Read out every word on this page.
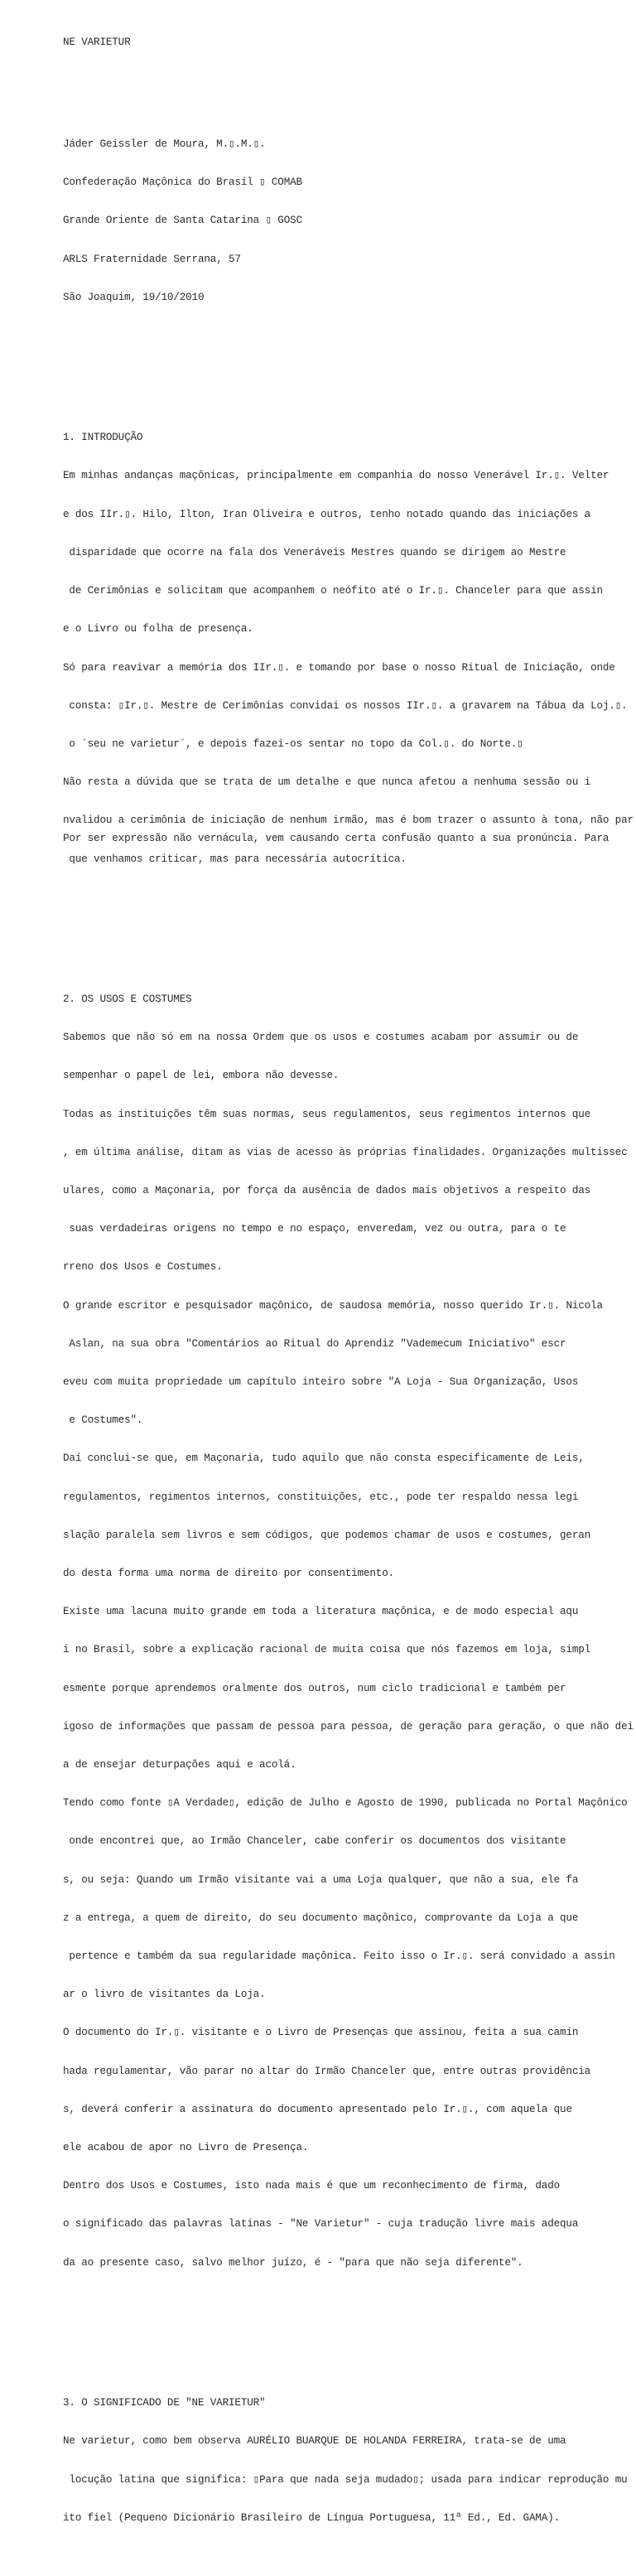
NE VARIETUR

Jáder Geissler de Moura, M.▯.M.▯.

Confederação Maçônica do Brasil ▯ COMAB

Grande Oriente de Santa Catarina ▯ GOSC

ARLS Fraternidade Serrana, 57

São Joaquim, 19/10/2010

1. INTRODUÇÃO

Em minhas andanças maçônicas, principalmente em companhia do nosso Venerável Ir.▯. Velter

e dos IIr.▯. Hilo, Ilton, Iran Oliveira e outros, tenho notado quando das iniciações a

disparidade que ocorre na fala dos Veneráveis Mestres quando se dirigem ao Mestre

de Cerimônias e solicitam que acompanhem o neófito até o Ir.▯. Chanceler para que assin

e o Livro ou folha de presença.

Só para reavivar a memória dos IIr.▯. e tomando por base o nosso Ritual de Iniciação, onde

consta: ▯Ir.▯. Mestre de Cerimônias convidai os nossos IIr.▯. a gravarem na Tábua da Loj.▯.

o ´seu ne varietur´, e depois fazei-os sentar no topo da Col.▯. do Norte.▯

Não resta a dúvida que se trata de um detalhe e que nunca afetou a nenhuma sessão ou i

nvalidou a cerimônia de iniciação de nenhum irmão, mas é bom trazer o assunto à tona, não par

que venhamos criticar, mas para necessária autocrítica.

2. OS USOS E COSTUMES

Sabemos que não só em na nossa Ordem que os usos e costumes acabam por assumir ou de

sempenhar o papel de lei, embora não devesse.

Todas as instituições têm suas normas, seus regulamentos, seus regimentos internos que

, em última análise, ditam as vias de acesso às próprias finalidades. Organizações multissec

ulares, como a Maçonaria, por força da ausência de dados mais objetivos a respeito das

suas verdadeiras origens no tempo e no espaço, enveredam, vez ou outra, para o te

rreno dos Usos e Costumes.

O grande escritor e pesquisador maçônico, de saudosa memória, nosso querido Ir.▯. Nicola

Aslan, na sua obra "Comentários ao Ritual do Aprendiz "Vademecum Iniciativo" escr

eveu com muita propriedade um capítulo inteiro sobre "A Loja - Sua Organização, Usos

e Costumes".

Daí conclui-se que, em Maçonaria, tudo aquilo que não consta especificamente de Leis,

regulamentos, regimentos internos, constituições, etc., pode ter respaldo nessa legi

slação paralela sem livros e sem códigos, que podemos chamar de usos e costumes, geran

do desta forma uma norma de direito por consentimento.

Existe uma lacuna muito grande em toda a literatura maçônica, e de modo especial aqu

i no Brasil, sobre a explicação racional de muita coisa que nós fazemos em loja, simpl

esmente porque aprendemos oralmente dos outros, num ciclo tradicional e também per

igoso de informações que passam de pessoa para pessoa, de geração para geração, o que não dei

a de ensejar deturpações aqui e acolá.

Tendo como fonte ▯A Verdade▯, edição de Julho e Agosto de 1990, publicada no Portal Maçônico

onde encontrei que, ao Irmão Chanceler, cabe conferir os documentos dos visitante

s, ou seja: Quando um Irmão visitante vai a uma Loja qualquer, que não a sua, ele fa

z a entrega, a quem de direito, do seu documento maçônico, comprovante da Loja a que

pertence e também da sua regularidade maçônica. Feito isso o Ir.▯. será convidado a assin

ar o livro de visitantes da Loja.

O documento do Ir.▯. visitante e o Livro de Presenças que assinou, feita a sua camin

hada regulamentar, vão parar no altar do Irmão Chanceler que, entre outras providência

s, deverá conferir a assinatura do documento apresentado pelo Ir.▯., com aquela que

ele acabou de apor no Livro de Presença.

Dentro dos Usos e Costumes, isto nada mais é que um reconhecimento de firma, dado

o significado das palavras latinas - "Ne Varietur" - cuja tradução livre mais adequa

da ao presente caso, salvo melhor juízo, é - "para que não seja diferente".

3. O SIGNIFICADO DE "NE VARIETUR"

Ne varietur, como bem observa AURÉLIO BUARQUE DE HOLANDA FERREIRA, trata-se de uma

locução latina que significa: ▯Para que nada seja mudado▯; usada para indicar reprodução mu

ito fiel (Pequeno Dicionário Brasileiro de Língua Portuguesa, 11ª Ed., Ed. GAMA).

Por ser expressão não vernácula, vem causando certa confusão quanto a sua pronúncia. Para
